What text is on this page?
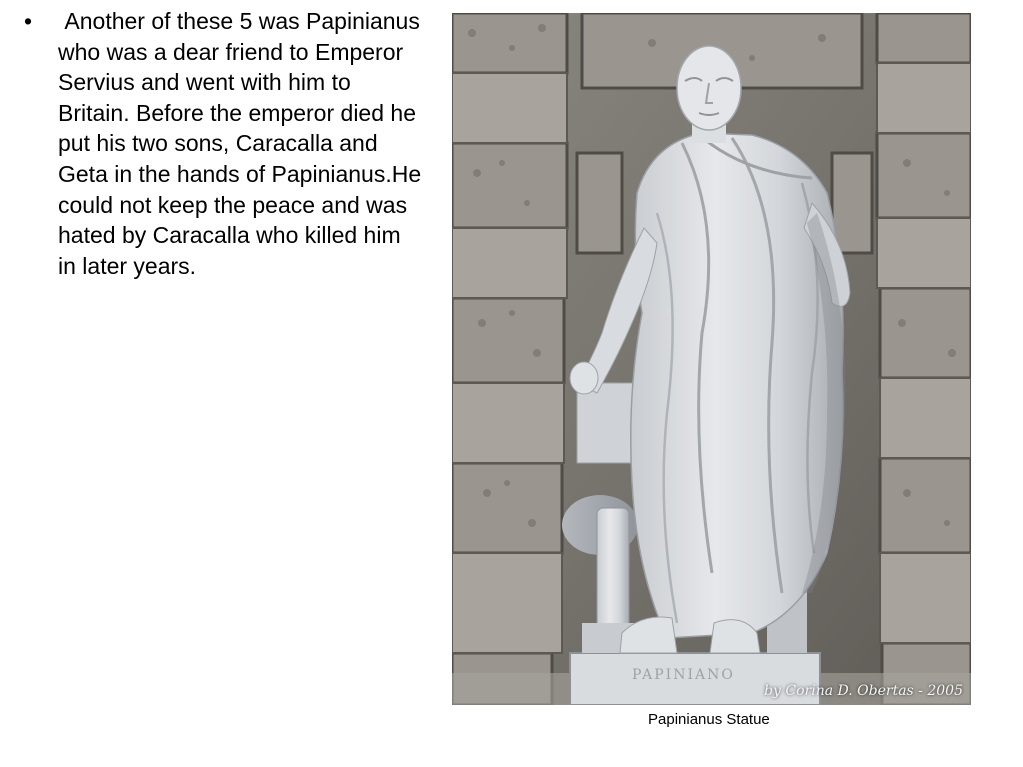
•	Another of these 5 was Papinianus who was a dear friend to Emperor Servius and went with him to Britain. Before the emperor died he put his two sons, Caracalla and Geta in the hands of Papinianus.He could not keep the peace and was hated by Caracalla who killed him in later years.
PAPINIANO
by Corina D. Obertas - 2005
Papinianus Statue
